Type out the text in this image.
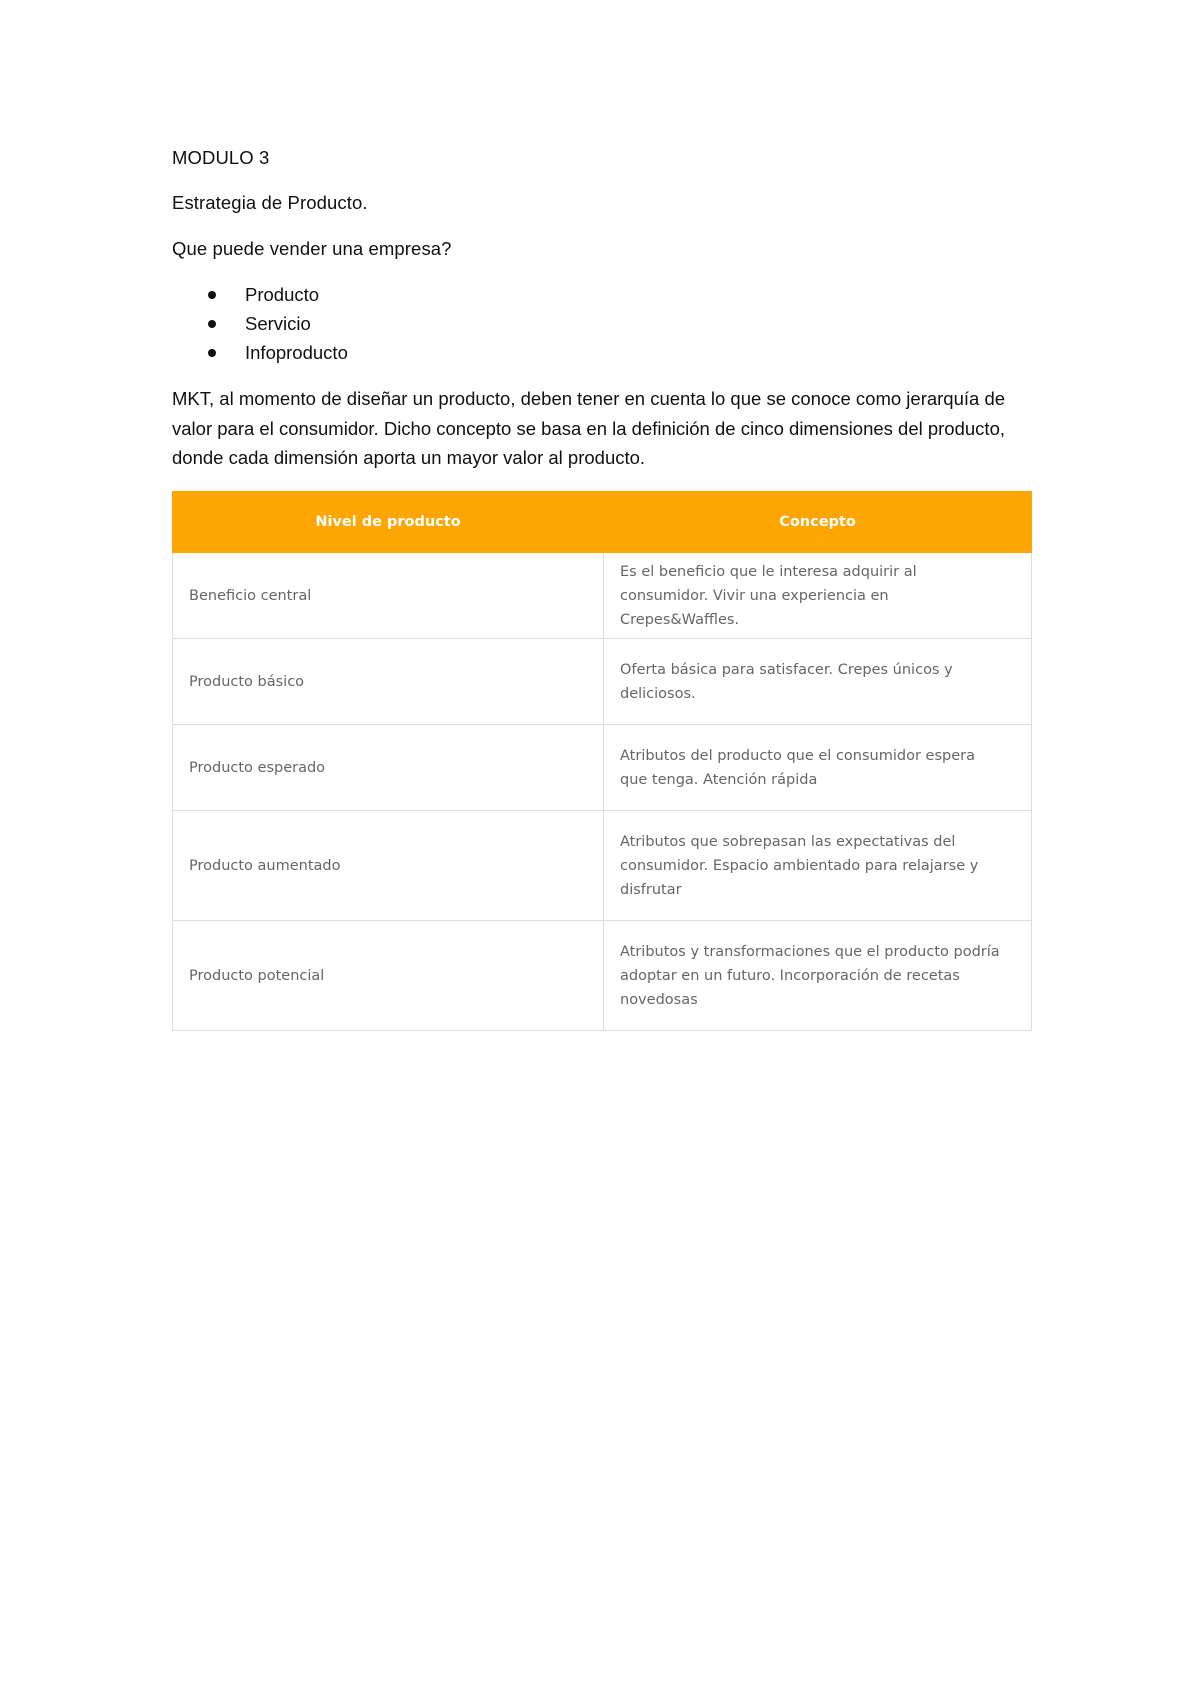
MODULO 3

Estrategia de Producto.

Que puede vender una empresa?

Producto
Servicio
Infoproducto

MKT, al momento de diseñar un producto, deben tener en cuenta lo que se conoce como jerarquía de valor para el consumidor. Dicho concepto se basa en la definición de cinco dimensiones del producto, donde cada dimensión aporta un mayor valor al producto.

Nivel de producto	Concepto
Beneficio central	Es el beneficio que le interesa adquirir al consumidor. Vivir una experiencia en Crepes&Waffles.
Producto básico	Oferta básica para satisfacer. Crepes únicos y deliciosos.
Producto esperado	Atributos del producto que el consumidor espera que tenga. Atención rápida
Producto aumentado	Atributos que sobrepasan las expectativas del consumidor. Espacio ambientado para relajarse y disfrutar
Producto potencial	Atributos y transformaciones que el producto podría adoptar en un futuro. Incorporación de recetas novedosas
